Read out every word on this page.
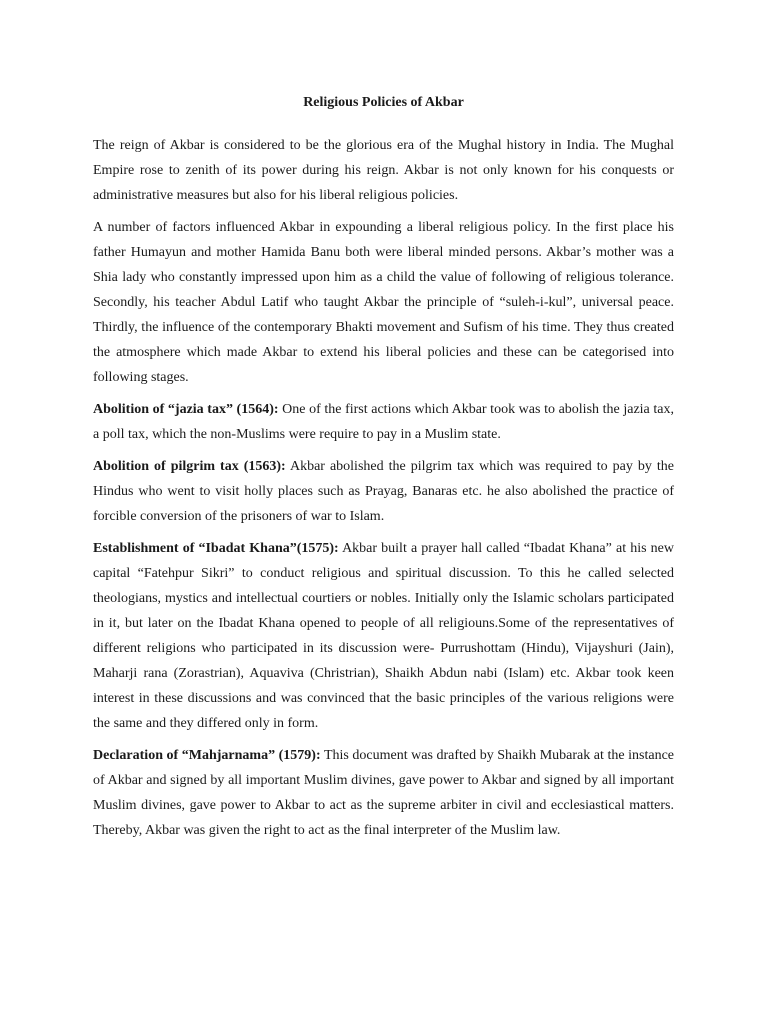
Religious Policies of Akbar

The reign of Akbar is considered to be the glorious era of the Mughal history in India. The Mughal Empire rose to zenith of its power during his reign. Akbar is not only known for his conquests or administrative measures but also for his liberal religious policies.

A number of factors influenced Akbar in expounding a liberal religious policy. In the first place his father Humayun and mother Hamida Banu both were liberal minded persons. Akbar’s mother was a Shia lady who constantly impressed upon him as a child the value of following of religious tolerance. Secondly, his teacher Abdul Latif who taught Akbar the principle of “suleh-i-kul”, universal peace. Thirdly, the influence of the contemporary Bhakti movement and Sufism of his time. They thus created the atmosphere which made Akbar to extend his liberal policies and these can be categorised into following stages.

Abolition of “jazia tax” (1564): One of the first actions which Akbar took was to abolish the jazia tax, a poll tax, which the non-Muslims were require to pay in a Muslim state.

Abolition of pilgrim tax (1563): Akbar abolished the pilgrim tax which was required to pay by the Hindus who went to visit holly places such as Prayag, Banaras etc. he also abolished the practice of forcible conversion of the prisoners of war to Islam.

Establishment of “Ibadat Khana”(1575): Akbar built a prayer hall called “Ibadat Khana” at his new capital “Fatehpur Sikri” to conduct religious and spiritual discussion. To this he called selected theologians, mystics and intellectual courtiers or nobles. Initially only the Islamic scholars participated in it, but later on the Ibadat Khana opened to people of all religiouns.Some of the representatives of different religions who participated in its discussion were- Purrushottam (Hindu), Vijayshuri (Jain), Maharji rana (Zorastrian), Aquaviva (Christrian), Shaikh Abdun nabi (Islam) etc. Akbar took keen interest in these discussions and was convinced that the basic principles of the various religions were the same and they differed only in form.

Declaration of “Mahjarnama” (1579): This document was drafted by Shaikh Mubarak at the instance of Akbar and signed by all important Muslim divines, gave power to Akbar and signed by all important Muslim divines, gave power to Akbar to act as the supreme arbiter in civil and ecclesiastical matters. Thereby, Akbar was given the right to act as the final interpreter of the Muslim law.
